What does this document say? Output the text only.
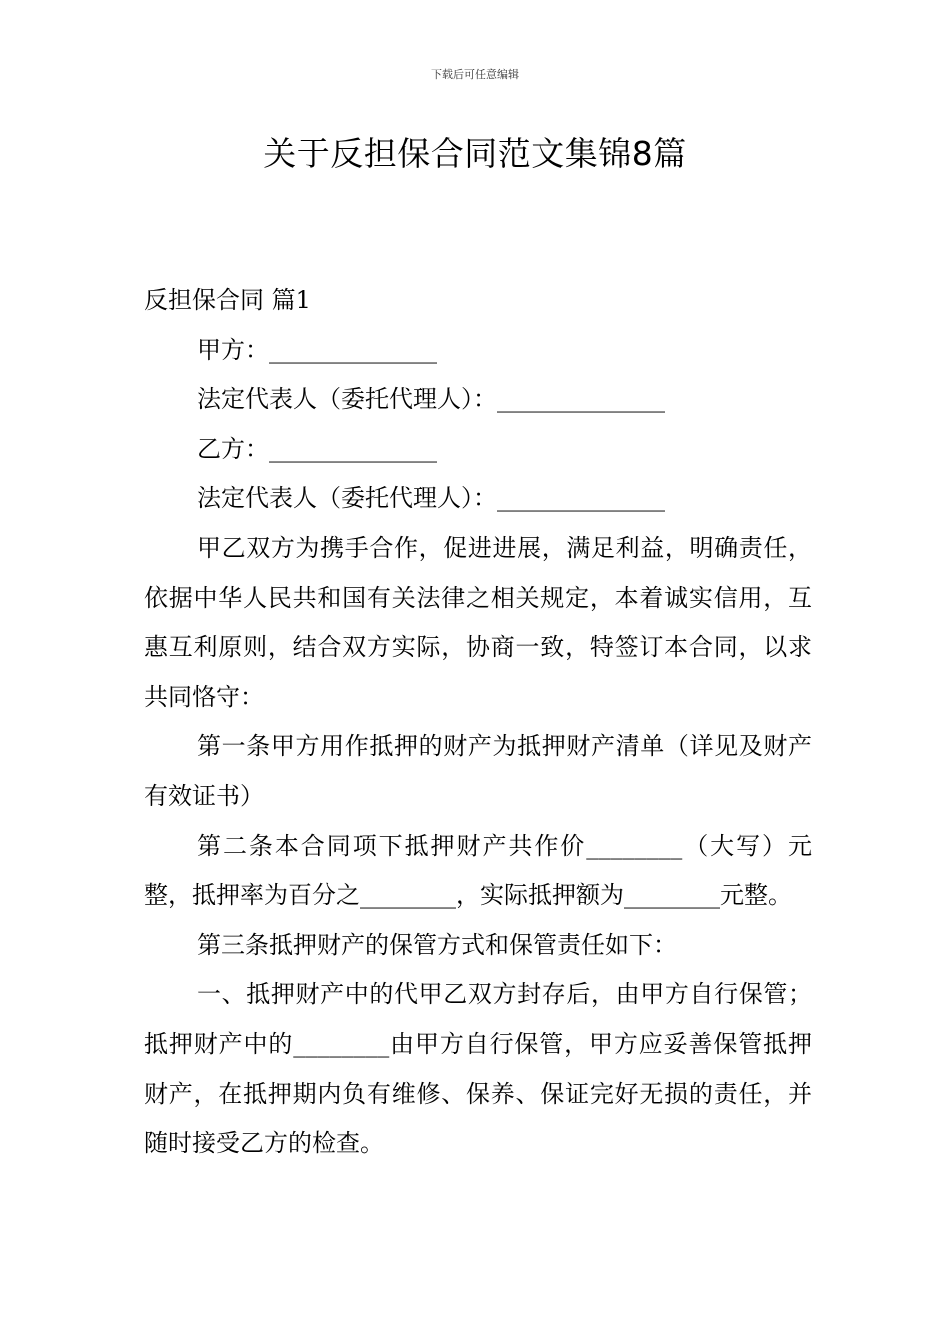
下载后可任意编辑
关于反担保合同范文集锦8篇

反担保合同 篇1

甲方：______________

法定代表人（委托代理人）：______________

乙方：______________

法定代表人（委托代理人）：______________

甲乙双方为携手合作，促进进展，满足利益，明确责任，依据中华人民共和国有关法律之相关规定，本着诚实信用，互惠互利原则，结合双方实际，协商一致，特签订本合同，以求共同恪守：

第一条甲方用作抵押的财产为抵押财产清单（详见及财产有效证书）

第二条本合同项下抵押财产共作价________（大写）元整，抵押率为百分之________，实际抵押额为________元整。

第三条抵押财产的保管方式和保管责任如下：

一、抵押财产中的代甲乙双方封存后，由甲方自行保管；抵押财产中的________由甲方自行保管，甲方应妥善保管抵押财产，在抵押期内负有维修、保养、保证完好无损的责任，并随时接受乙方的检查。
